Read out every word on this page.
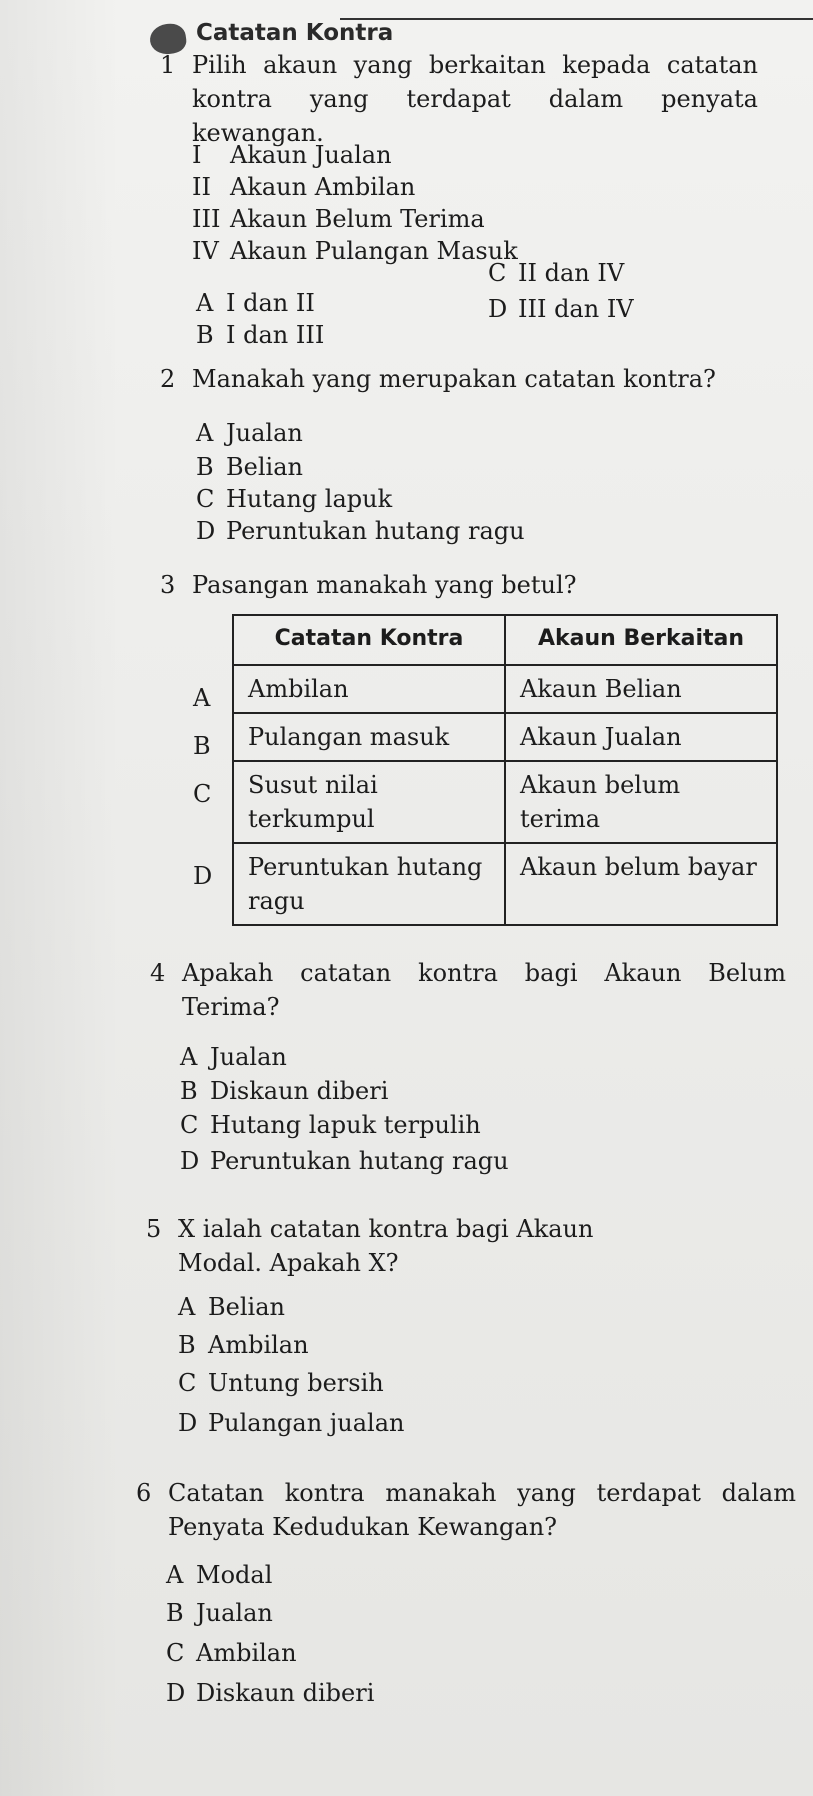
Catatan Kontra
1 Pilih akaun yang berkaitan kepada catatan kontra yang terdapat dalam penyata kewangan.
I Akaun Jualan
II Akaun Ambilan
III Akaun Belum Terima
IV Akaun Pulangan Masuk
A I dan II
B I dan III
C II dan IV
D III dan IV
2 Manakah yang merupakan catatan kontra?
A Jualan
B Belian
C Hutang lapuk
D Peruntukan hutang ragu
3 Pasangan manakah yang betul?
A
B
C
D
Catatan Kontra	Akaun Berkaitan
Ambilan	Akaun Belian
Pulangan masuk	Akaun Jualan
Susut nilai terkumpul	Akaun belum terima
Peruntukan hutang ragu	Akaun belum bayar
4 Apakah catatan kontra bagi Akaun Belum Terima?
A Jualan
B Diskaun diberi
C Hutang lapuk terpulih
D Peruntukan hutang ragu
5 X ialah catatan kontra bagi Akaun Modal. Apakah X?
A Belian
B Ambilan
C Untung bersih
D Pulangan jualan
6 Catatan kontra manakah yang terdapat dalam Penyata Kedudukan Kewangan?
A Modal
B Jualan
C Ambilan
D Diskaun diberi
